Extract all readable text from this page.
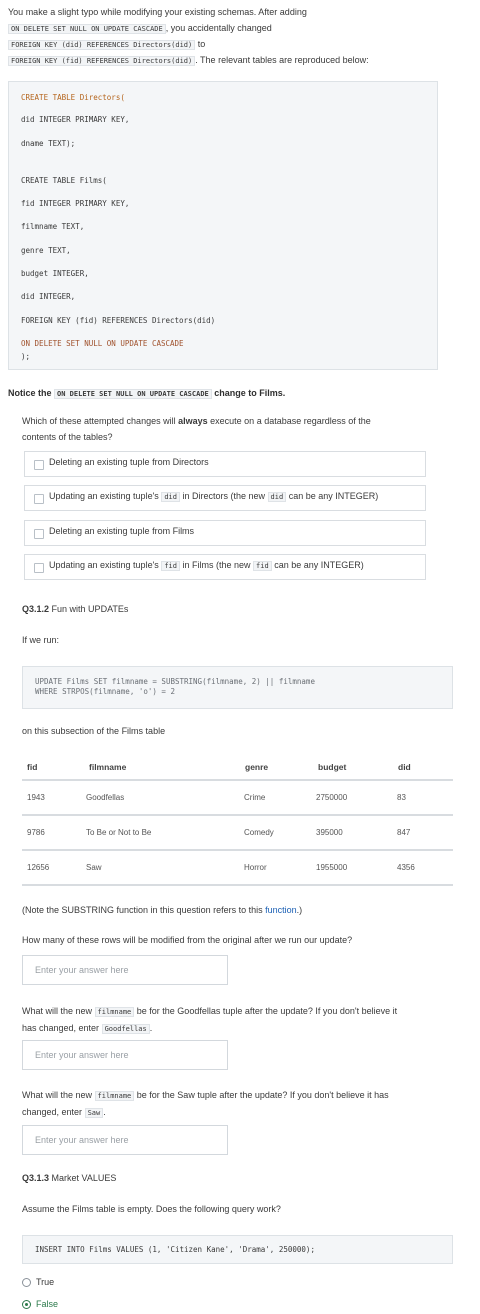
You make a slight typo while modifying your existing schemas. After adding
ON DELETE SET NULL ON UPDATE CASCADE , you accidentally changed
FOREIGN KEY (did) REFERENCES Directors(did) to
FOREIGN KEY (fid) REFERENCES Directors(did) . The relevant tables are reproduced below:
CREATE TABLE Directors(
did INTEGER PRIMARY KEY,
dname TEXT);
CREATE TABLE Films(
fid INTEGER PRIMARY KEY,
filmname TEXT,
genre TEXT,
budget INTEGER,
did INTEGER,
FOREIGN KEY (fid) REFERENCES Directors(did)
ON DELETE SET NULL ON UPDATE CASCADE
);
Notice the ON DELETE SET NULL ON UPDATE CASCADE change to Films.
Which of these attempted changes will always execute on a database regardless of the
contents of the tables?
Deleting an existing tuple from Directors
Updating an existing tuple's did in Directors (the new did can be any INTEGER)
Deleting an existing tuple from Films
Updating an existing tuple's fid in Films (the new fid can be any INTEGER)
Q3.1.2 Fun with UPDATEs
If we run:
UPDATE Films SET filmname = SUBSTRING(filmname, 2) || filmname
WHERE STRPOS(filmname, 'o') = 2
on this subsection of the Films table
fid	filmname	genre	budget	did
1943	Goodfellas	Crime	2750000	83
9786	To Be or Not to Be	Comedy	395000	847
12656	Saw	Horror	1955000	4356
(Note the SUBSTRING function in this question refers to this function.)
How many of these rows will be modified from the original after we run our update?
Enter your answer here
What will the new filmname be for the Goodfellas tuple after the update? If you don't believe it
has changed, enter Goodfellas .
Enter your answer here
What will the new filmname be for the Saw tuple after the update? If you don't believe it has
changed, enter Saw .
Enter your answer here
Q3.1.3 Market VALUES
Assume the Films table is empty. Does the following query work?
INSERT INTO Films VALUES (1, 'Citizen Kane', 'Drama', 250000);
True
False
